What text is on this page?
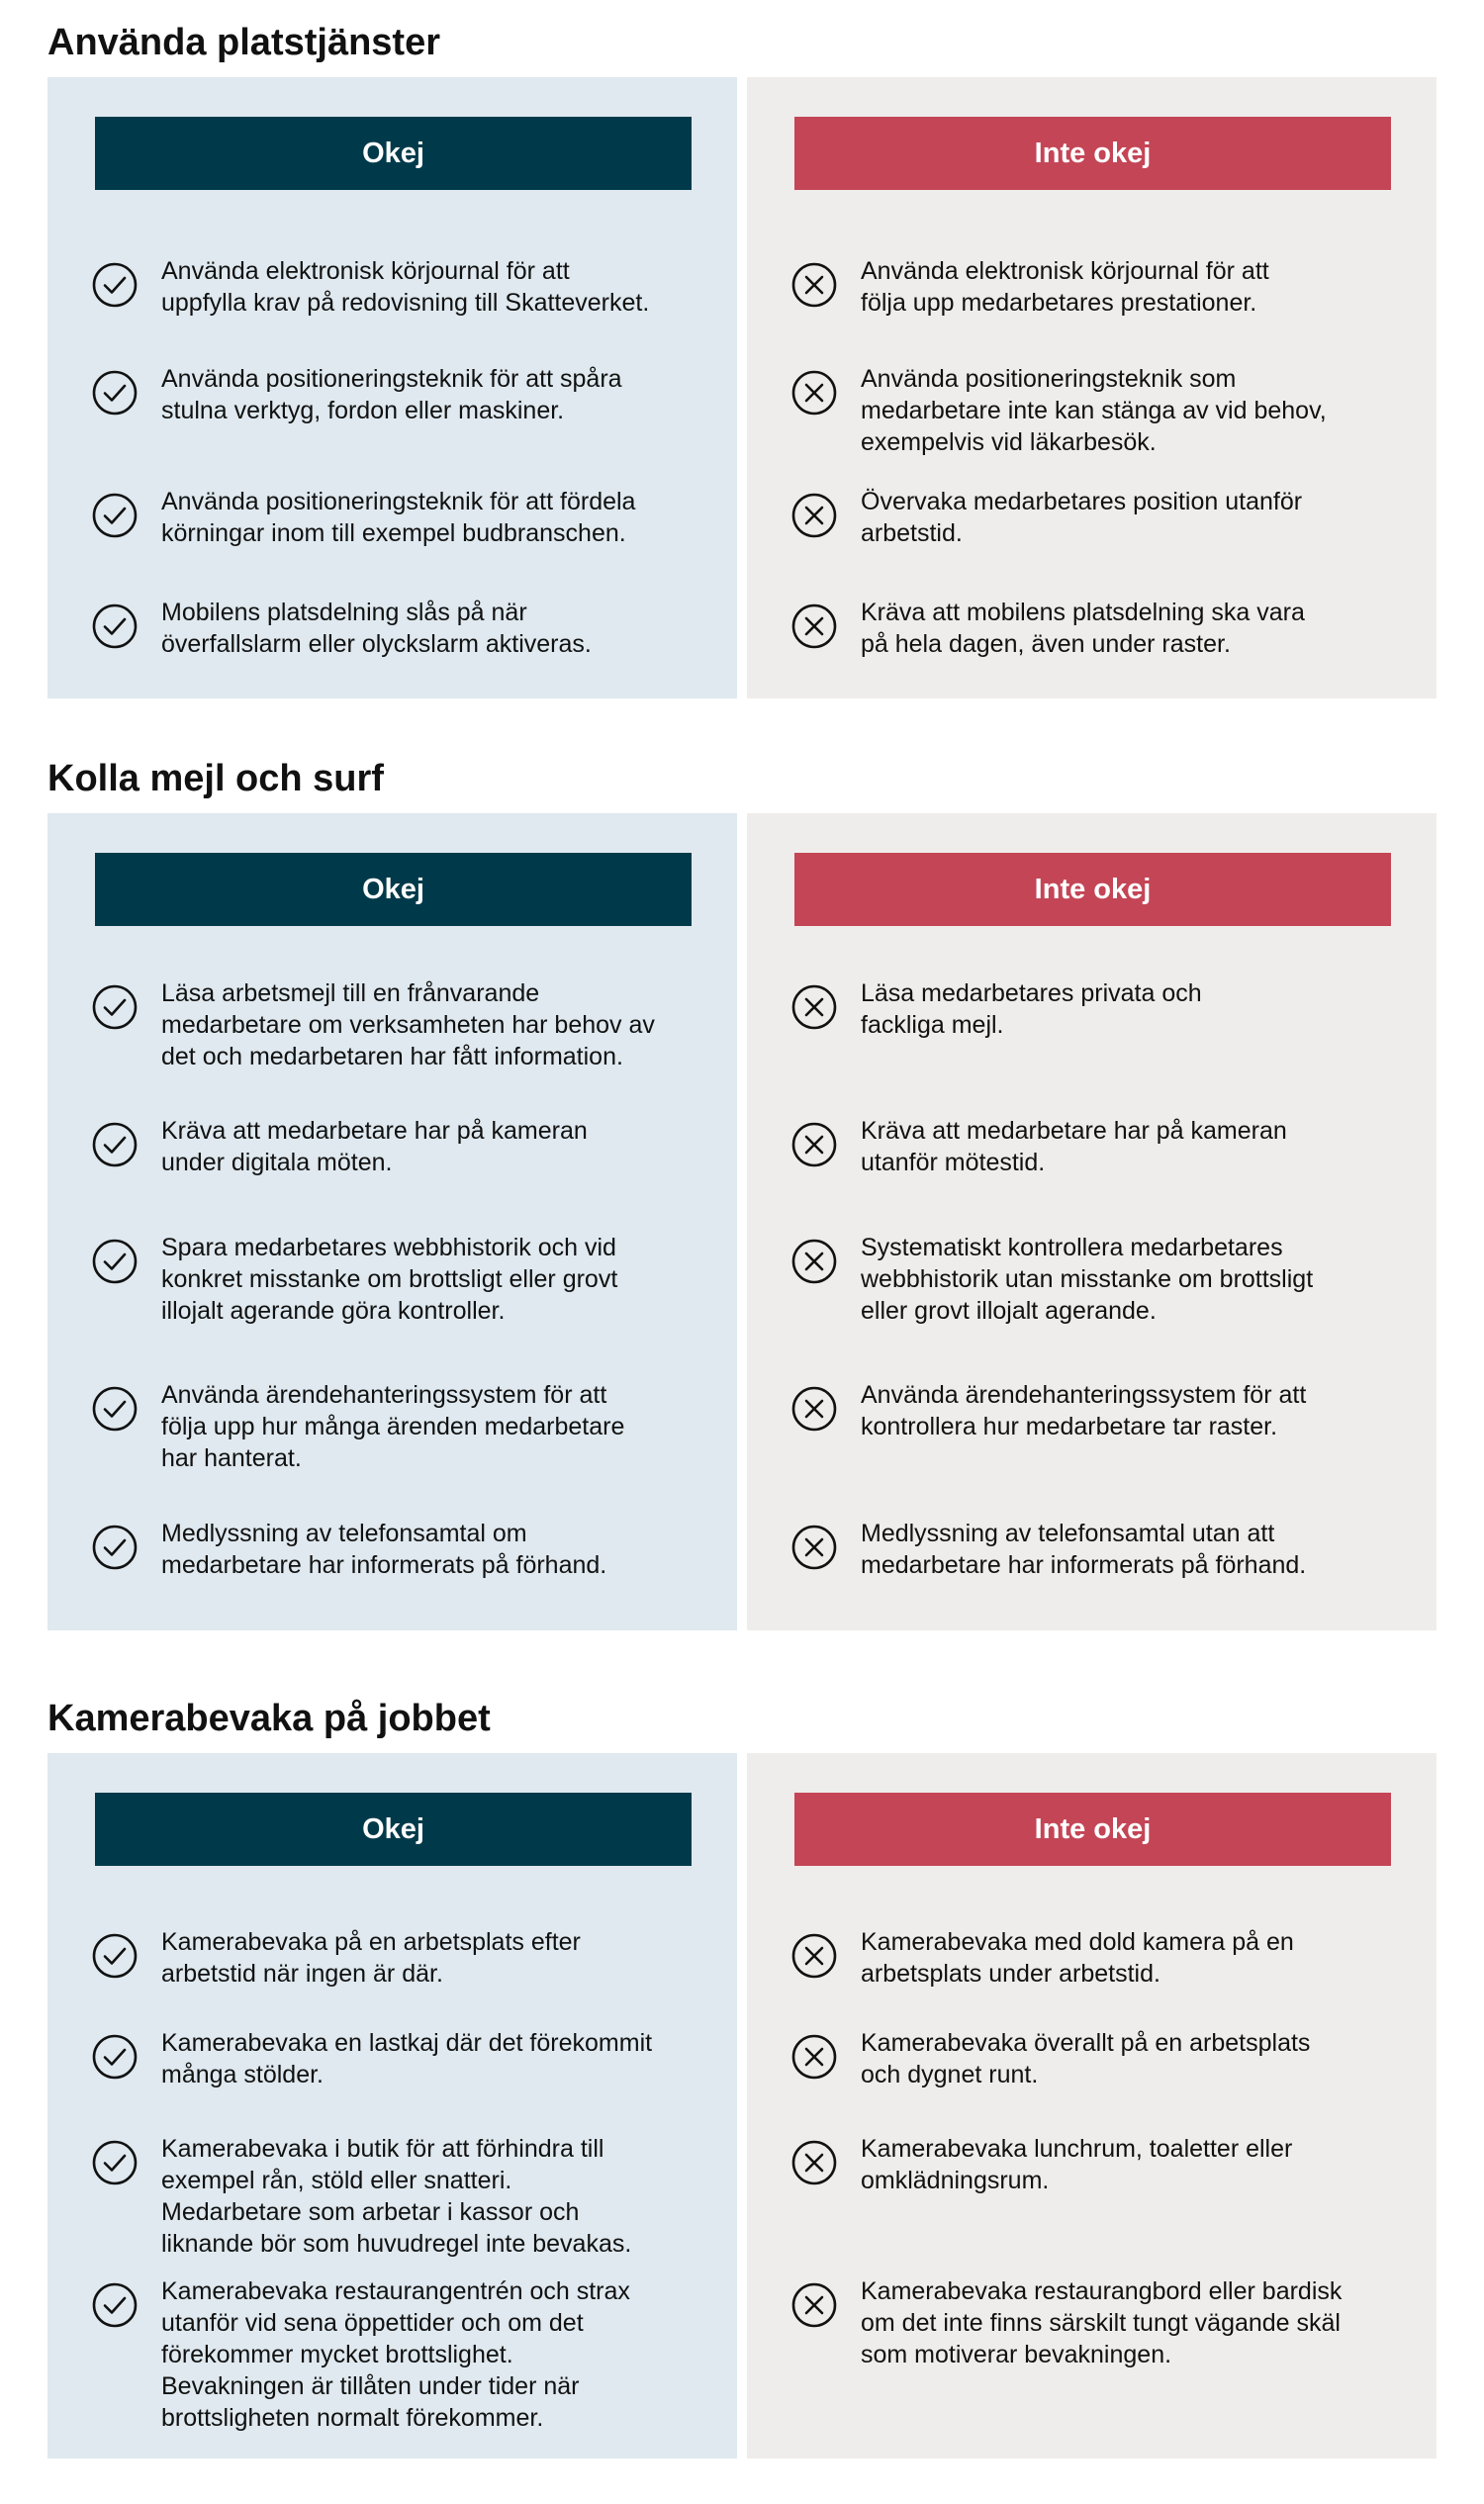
Använda platstjänster
Okej
Använda elektronisk körjournal för att
uppfylla krav på redovisning till Skatteverket.
Använda positioneringsteknik för att spåra
stulna verktyg, fordon eller maskiner.
Använda positioneringsteknik för att fördela
körningar inom till exempel budbranschen.
Mobilens platsdelning slås på när
överfallslarm eller olyckslarm aktiveras.
Inte okej
Använda elektronisk körjournal för att
följa upp medarbetares prestationer.
Använda positioneringsteknik som
medarbetare inte kan stänga av vid behov,
exempelvis vid läkarbesök.
Övervaka medarbetares position utanför
arbetstid.
Kräva att mobilens platsdelning ska vara
på hela dagen, även under raster.
Kolla mejl och surf
Okej
Läsa arbetsmejl till en frånvarande
medarbetare om verksamheten har behov av
det och medarbetaren har fått information.
Kräva att medarbetare har på kameran
under digitala möten.
Spara medarbetares webbhistorik och vid
konkret misstanke om brottsligt eller grovt
illojalt agerande göra kontroller.
Använda ärendehanteringssystem för att
följa upp hur många ärenden medarbetare
har hanterat.
Medlyssning av telefonsamtal om
medarbetare har informerats på förhand.
Inte okej
Läsa medarbetares privata och
fackliga mejl.
Kräva att medarbetare har på kameran
utanför mötestid.
Systematiskt kontrollera medarbetares
webbhistorik utan misstanke om brottsligt
eller grovt illojalt agerande.
Använda ärendehanteringssystem för att
kontrollera hur medarbetare tar raster.
Medlyssning av telefonsamtal utan att
medarbetare har informerats på förhand.
Kamerabevaka på jobbet
Okej
Kamerabevaka på en arbetsplats efter
arbetstid när ingen är där.
Kamerabevaka en lastkaj där det förekommit
många stölder.
Kamerabevaka i butik för att förhindra till
exempel rån, stöld eller snatteri.
Medarbetare som arbetar i kassor och
liknande bör som huvudregel inte bevakas.
Kamerabevaka restaurangentrén och strax
utanför vid sena öppettider och om det
förekommer mycket brottslighet.
Bevakningen är tillåten under tider när
brottsligheten normalt förekommer.
Inte okej
Kamerabevaka med dold kamera på en
arbetsplats under arbetstid.
Kamerabevaka överallt på en arbetsplats
och dygnet runt.
Kamerabevaka lunchrum, toaletter eller
omklädningsrum.
Kamerabevaka restaurangbord eller bardisk
om det inte finns särskilt tungt vägande skäl
som motiverar bevakningen.
